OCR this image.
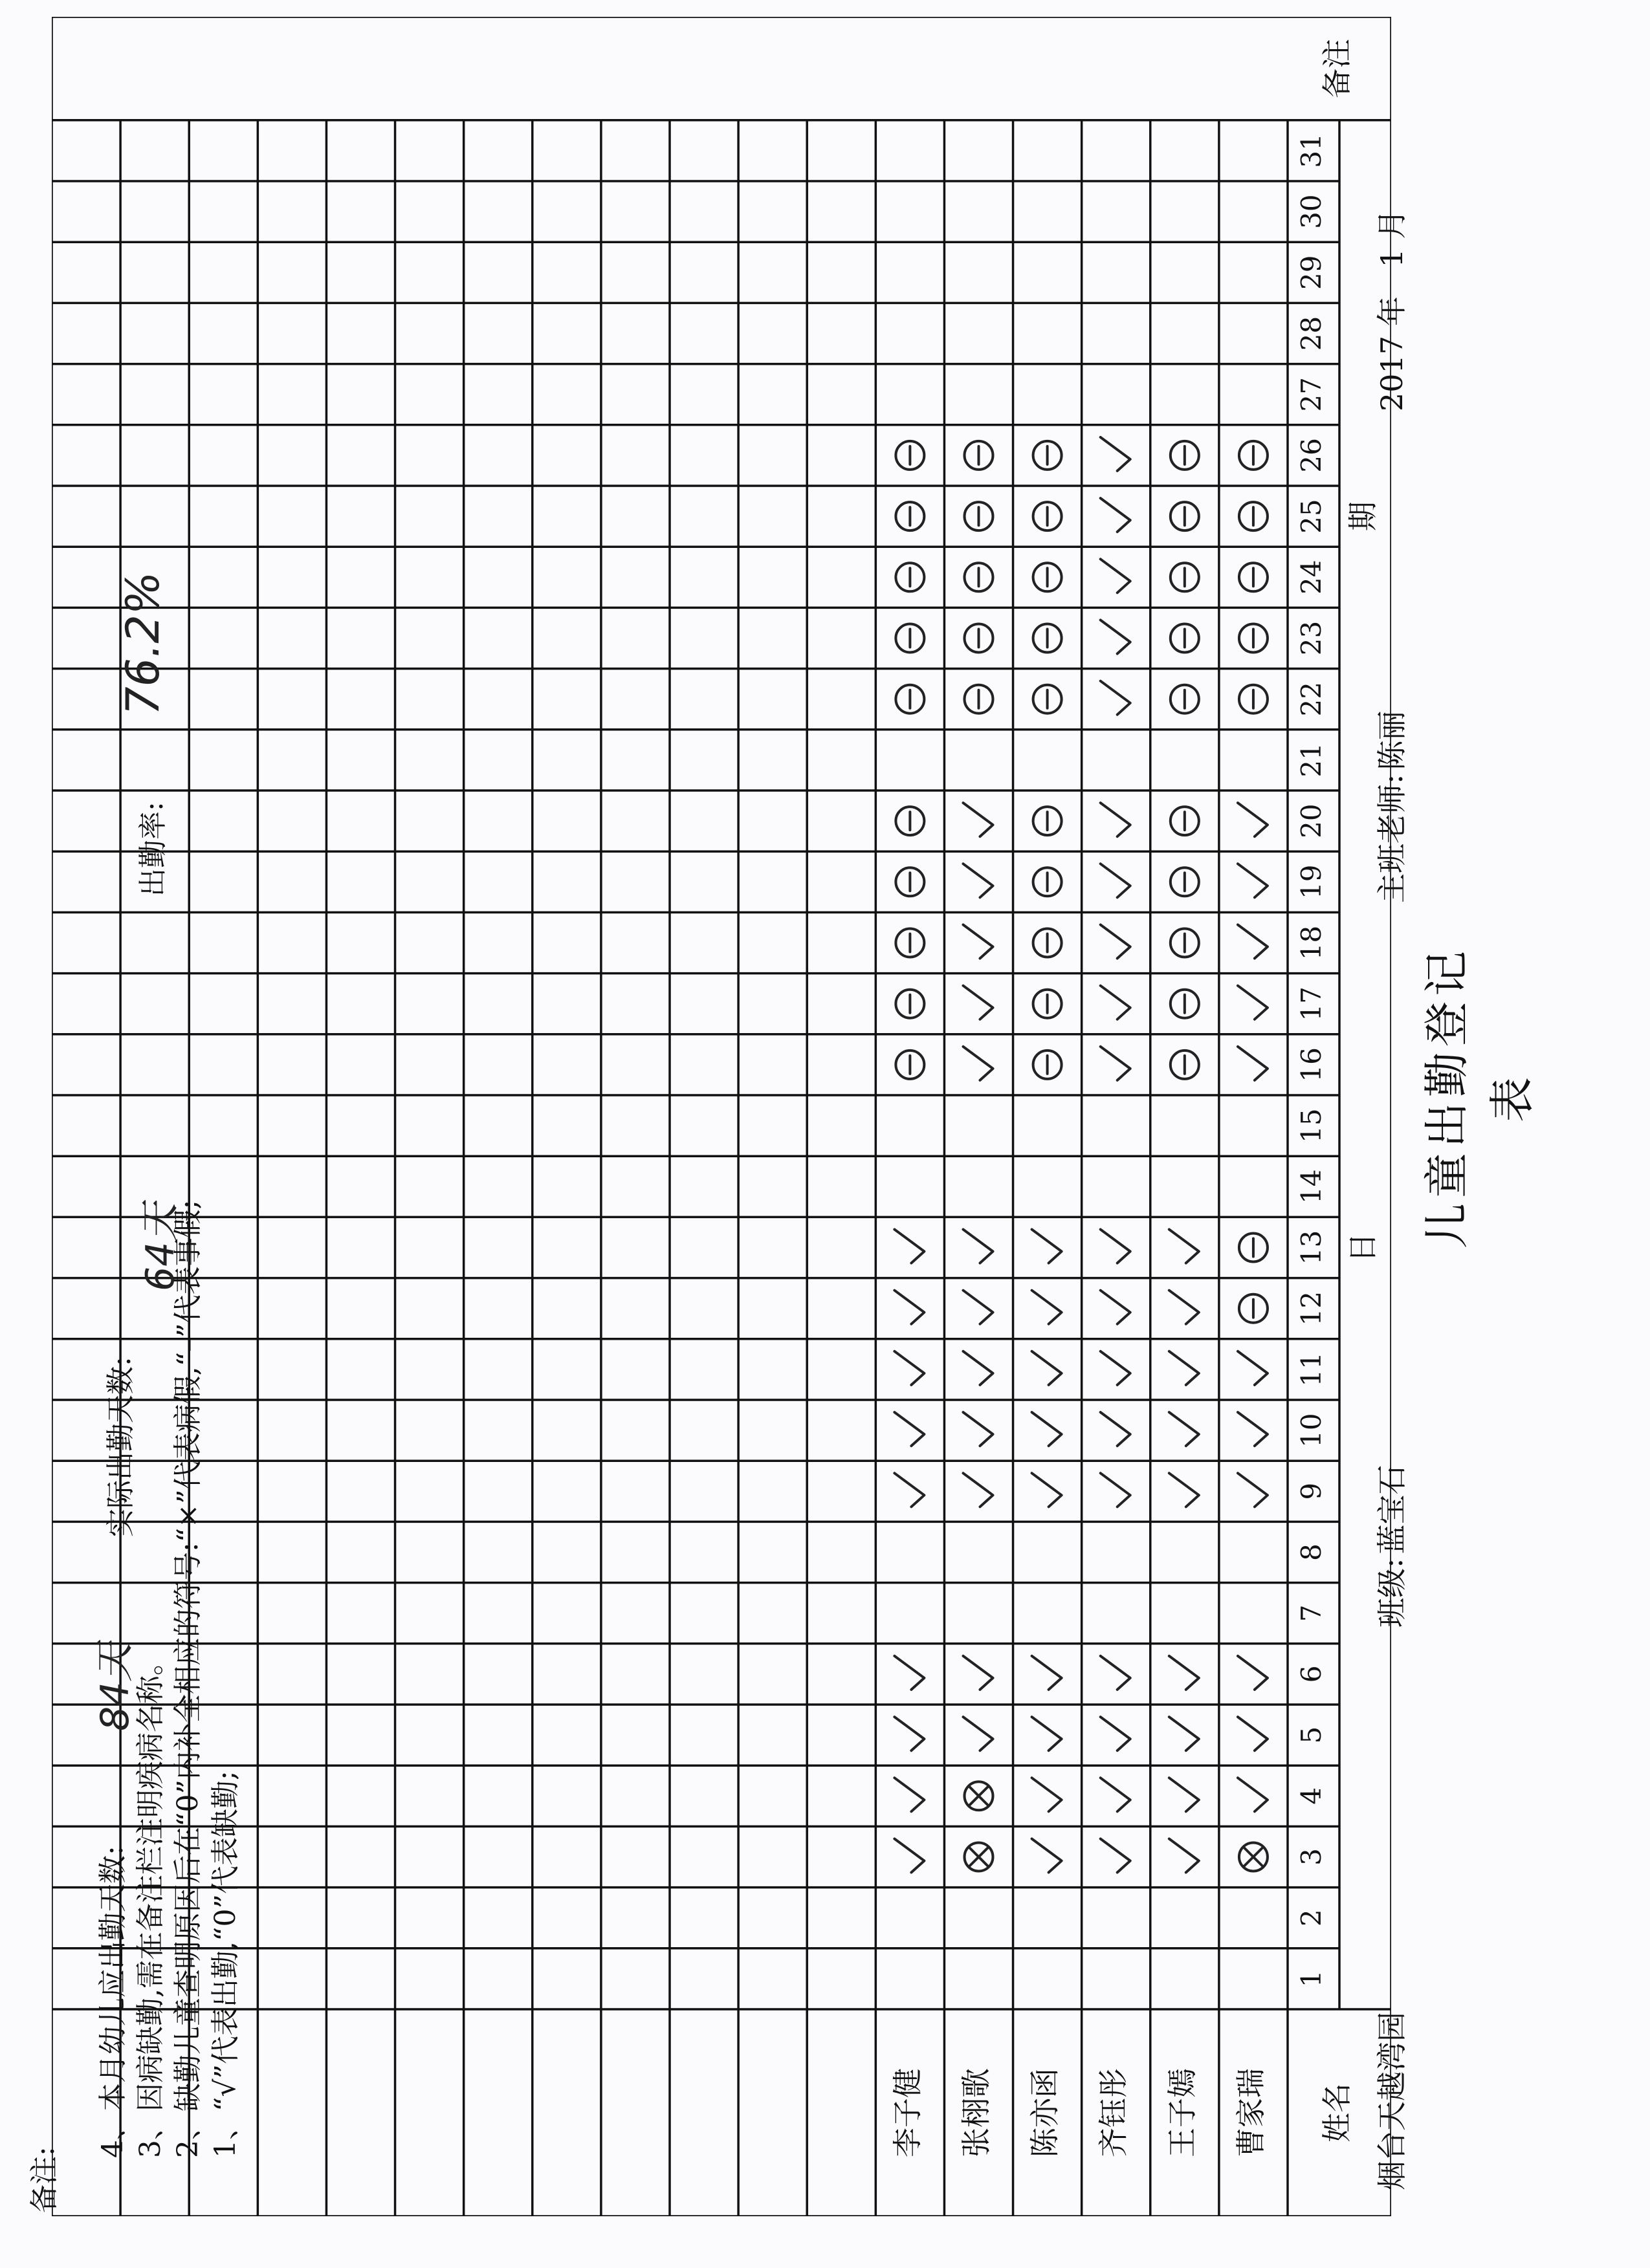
儿童出勤登记表
烟台天越湾园
班级:蓝宝石
主班老师:陈丽
2017 年 1 月
姓名
日
期
备注
1
2
3
4
5
6
7
8
9
10
11
12
13
14
15
16
17
18
19
20
21
22
23
24
25
26
27
28
29
30
31
曹家瑞
王子嫣
齐钰彤
陈亦函
张栩歌
李子健
备注:
1、“√”代表出勤,“0”代表缺勤;
2、缺勤儿童查明原因后在“0”内补全相应的符号:“×”代表病假,“–”代表事假;
3、因病缺勤,需在备注栏注明疾病名称。
4、本月幼儿应出勤天数:
84天
实际出勤天数:
64天
出勤率:
76.2%
